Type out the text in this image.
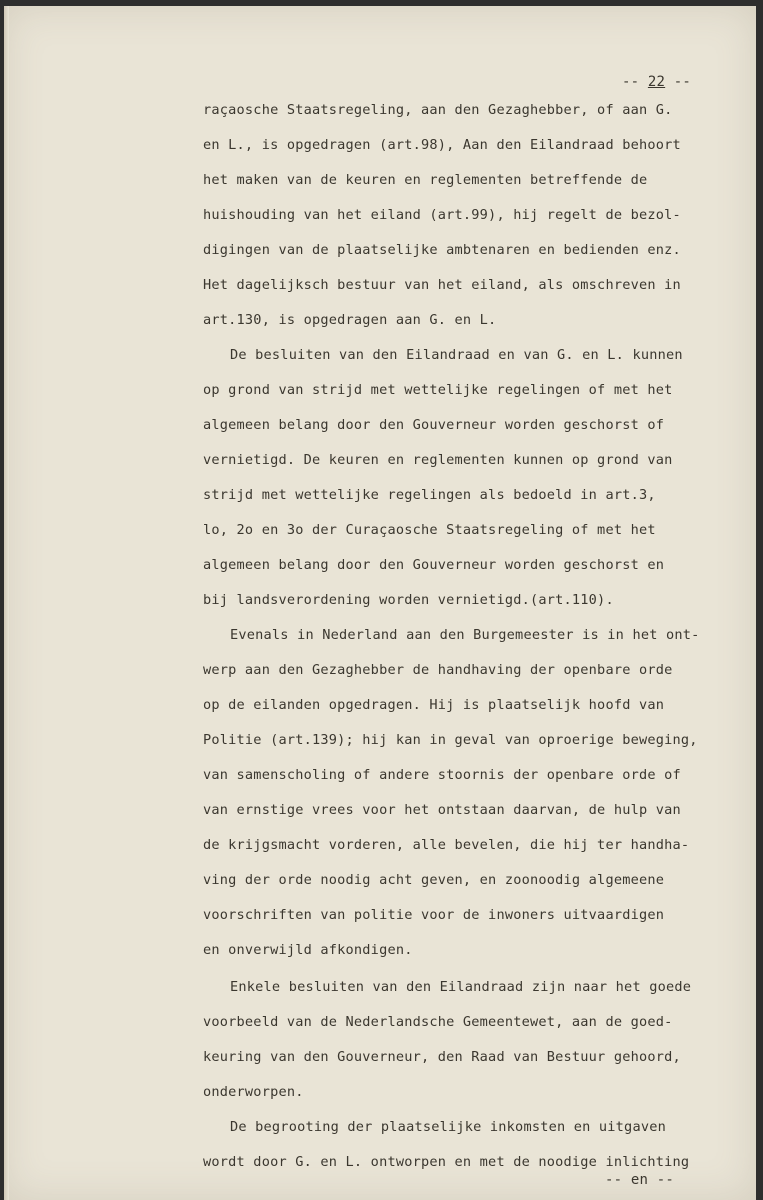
-- 22 --

raçaosche Staatsregeling, aan den Gezaghebber, of aan G.

en L., is opgedragen (art.98), Aan den Eilandraad behoort

het maken van de keuren en reglementen betreffende de

huishouding van het eiland (art.99), hij regelt de bezol-

digingen van de plaatselijke ambtenaren en bedienden enz.

Het dagelijksch bestuur van het eiland, als omschreven in

art.130, is opgedragen aan G. en L.

De besluiten van den Eilandraad en van G. en L. kunnen

op grond van strijd met wettelijke regelingen of met het

algemeen belang door den Gouverneur worden geschorst of

vernietigd. De keuren en reglementen kunnen op grond van

strijd met wettelijke regelingen als bedoeld in art.3,

lo, 2o en 3o der Curaçaosche Staatsregeling of met het

algemeen belang door den Gouverneur worden geschorst en

bij landsverordening worden vernietigd.(art.110).

Evenals in Nederland aan den Burgemeester is in het ont-

werp aan den Gezaghebber de handhaving der openbare orde

op de eilanden opgedragen. Hij is plaatselijk hoofd van

Politie (art.139); hij kan in geval van oproerige beweging,

van samenscholing of andere stoornis der openbare orde of

van ernstige vrees voor het ontstaan daarvan, de hulp van

de krijgsmacht vorderen, alle bevelen, die hij ter handha-

ving der orde noodig acht geven, en zoonoodig algemeene

voorschriften van politie voor de inwoners uitvaardigen

en onverwijld afkondigen.

Enkele besluiten van den Eilandraad zijn naar het goede

voorbeeld van de Nederlandsche Gemeentewet, aan de goed-

keuring van den Gouverneur, den Raad van Bestuur gehoord,

onderworpen.

De begrooting der plaatselijke inkomsten en uitgaven

wordt door G. en L. ontworpen en met de noodige inlichting

-- en --
